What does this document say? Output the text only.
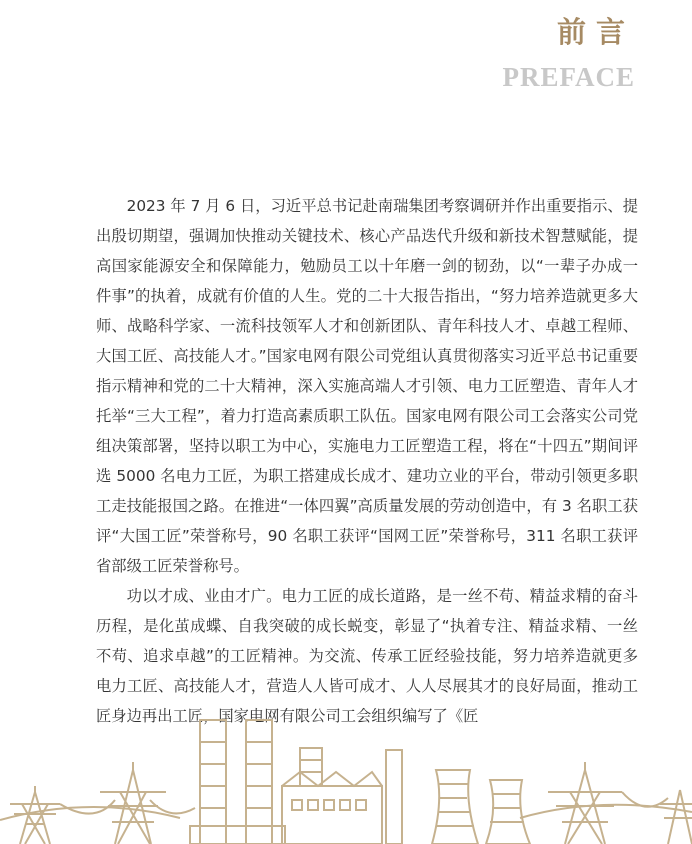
前言
PREFACE

2023 年 7 月 6 日，习近平总书记赴南瑞集团考察调研并作出重要指示、提出殷切期望，强调加快推动关键技术、核心产品迭代升级和新技术智慧赋能，提高国家能源安全和保障能力，勉励员工以十年磨一剑的韧劲，以“一辈子办成一件事”的执着，成就有价值的人生。党的二十大报告指出，“努力培养造就更多大师、战略科学家、一流科技领军人才和创新团队、青年科技人才、卓越工程师、大国工匠、高技能人才。”国家电网有限公司党组认真贯彻落实习近平总书记重要指示精神和党的二十大精神，深入实施高端人才引领、电力工匠塑造、青年人才托举“三大工程”，着力打造高素质职工队伍。国家电网有限公司工会落实公司党组决策部署，坚持以职工为中心，实施电力工匠塑造工程，将在“十四五”期间评选 5000 名电力工匠，为职工搭建成长成才、建功立业的平台，带动引领更多职工走技能报国之路。在推进“一体四翼”高质量发展的劳动创造中，有 3 名职工获评“大国工匠”荣誉称号，90 名职工获评“国网工匠”荣誉称号，311 名职工获评省部级工匠荣誉称号。

功以才成、业由才广。电力工匠的成长道路，是一丝不苟、精益求精的奋斗历程，是化茧成蝶、自我突破的成长蜕变，彰显了“执着专注、精益求精、一丝不苟、追求卓越”的工匠精神。为交流、传承工匠经验技能，努力培养造就更多电力工匠、高技能人才，营造人人皆可成才、人人尽展其才的良好局面，推动工匠身边再出工匠，国家电网有限公司工会组织编写了《匠
